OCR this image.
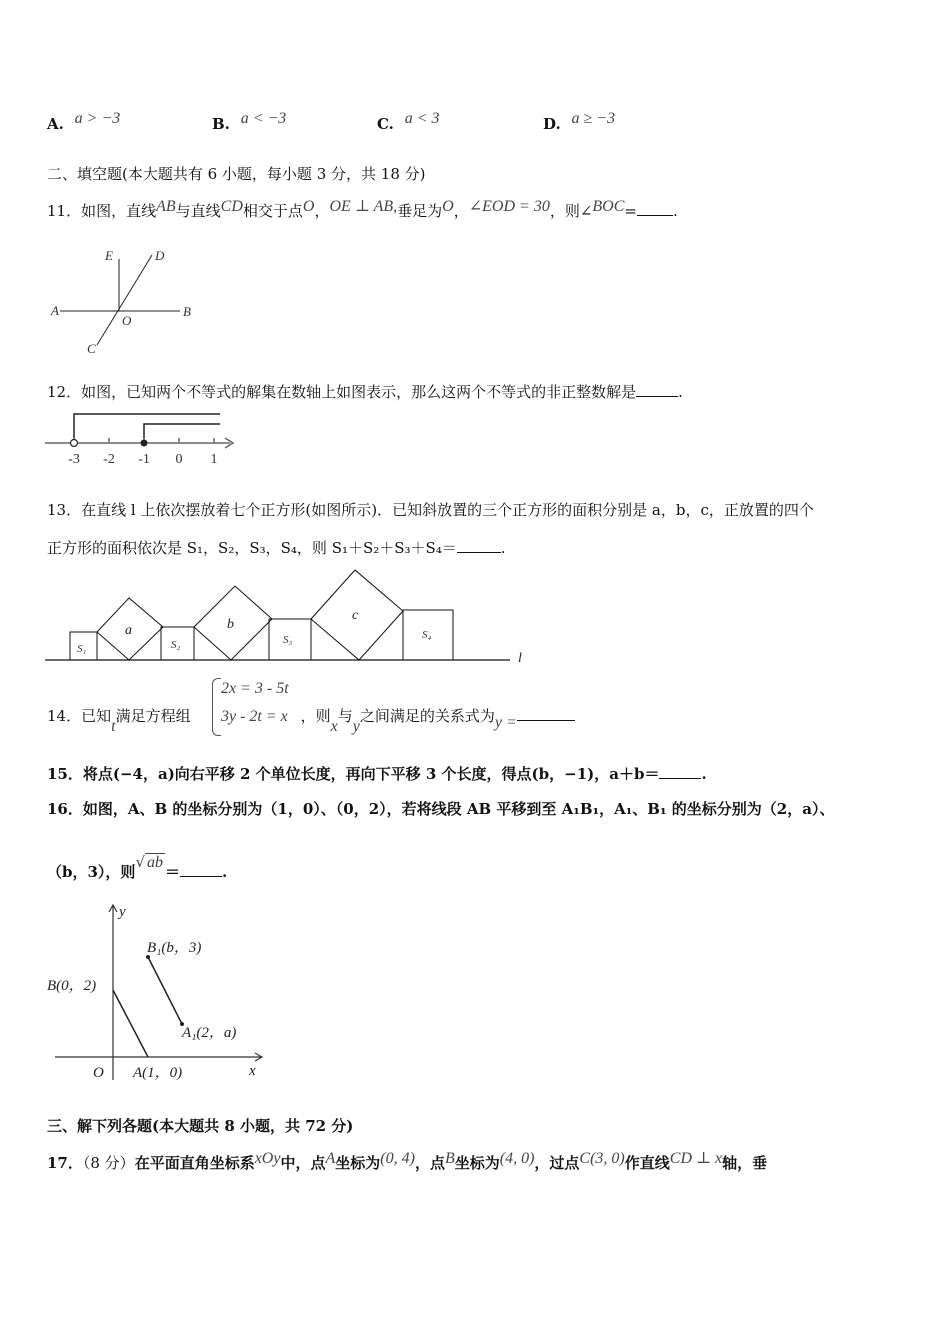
A. a > −3	B. a < −3	C. a < 3	D. a ≥ −3
二、填空题(本大题共有 6 小题，每小题 3 分，共 18 分)
11．如图，直线AB与直线CD相交于点O，OE ⊥ AB,垂足为O，∠EOD = 30，则∠BOC= .
E	D
A	B
O
C
12．如图，已知两个不等式的解集在数轴上如图表示，那么这两个不等式的非正整数解是	.
-3 -2 -1 0 1
13．在直线 l 上依次摆放着七个正方形(如图所示)．已知斜放置的三个正方形的面积分别是 a，b，c，正放置的四个
正方形的面积依次是 S₁，S₂，S₃，S₄，则 S₁＋S₂＋S₃＋S₄＝	.
S₁
a
S₂
b
S₃
c
S₄
l
14．已知t满足方程组	，则x与y之间满足的关系式为y =
2x = 3 - 5t
3y - 2t = x
15．将点(−4，a)向右平移 2 个单位长度，再向下平移 3 个长度，得点(b，−1)，a＋b＝	.
16．如图，A、B 的坐标分别为（1，0）、（0，2），若将线段 AB 平移到至 A₁B₁，A₁、B₁ 的坐标分别为（2，a）、
（b，3），则√ ab＝	.
y
x
O
B(0，2)
A(1，0)
B₁(b，3)
A₁(2，a)
三、解下列各题(本大题共 8 小题，共 72 分)
17．（8 分）在平面直角坐标系xOy中，点A坐标为(0, 4)，点B坐标为(4, 0)，过点C(3, 0)作直线CD ⊥ x轴，垂
